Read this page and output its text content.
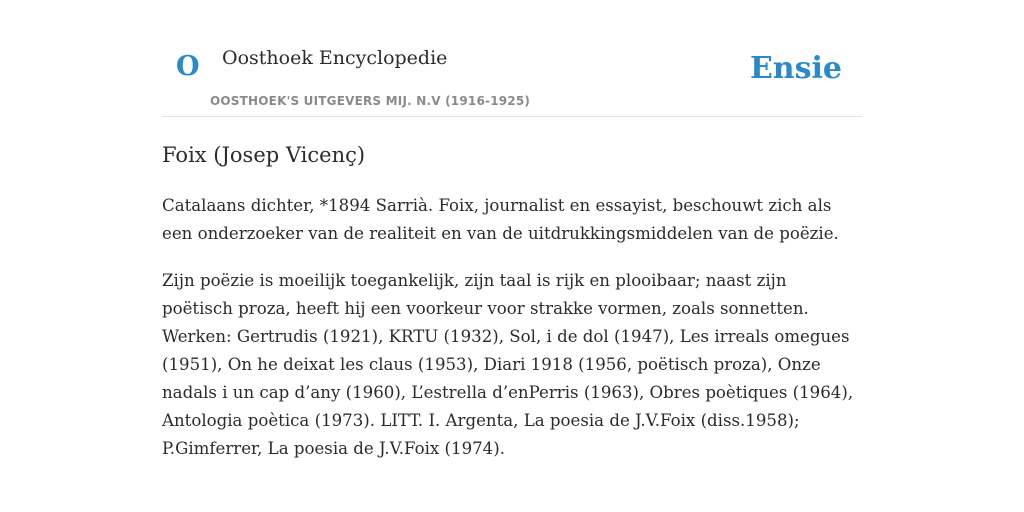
O Oosthoek Encyclopedie
OOSTHOEK'S UITGEVERS MIJ. N.V (1916-1925)
Ensie
Foix (Josep Vicenç)

Catalaans dichter, *1894 Sarrià. Foix, journalist en essayist, beschouwt zich als een onderzoeker van de realiteit en van de uitdrukkingsmiddelen van de poëzie.

Zijn poëzie is moeilijk toegankelijk, zijn taal is rijk en plooibaar; naast zijn poëtisch proza, heeft hij een voorkeur voor strakke vormen, zoals sonnetten. Werken: Gertrudis (1921), KRTU (1932), Sol, i de dol (1947), Les irreals omegues (1951), On he deixat les claus (1953), Diari 1918 (1956, poëtisch proza), Onze nadals i un cap d’any (1960), L’estrella d’enPerris (1963), Obres poètiques (1964), Antologia poètica (1973). LITT. I. Argenta, La poesia de J.V.Foix (diss.1958); P.Gimferrer, La poesia de J.V.Foix (1974).
